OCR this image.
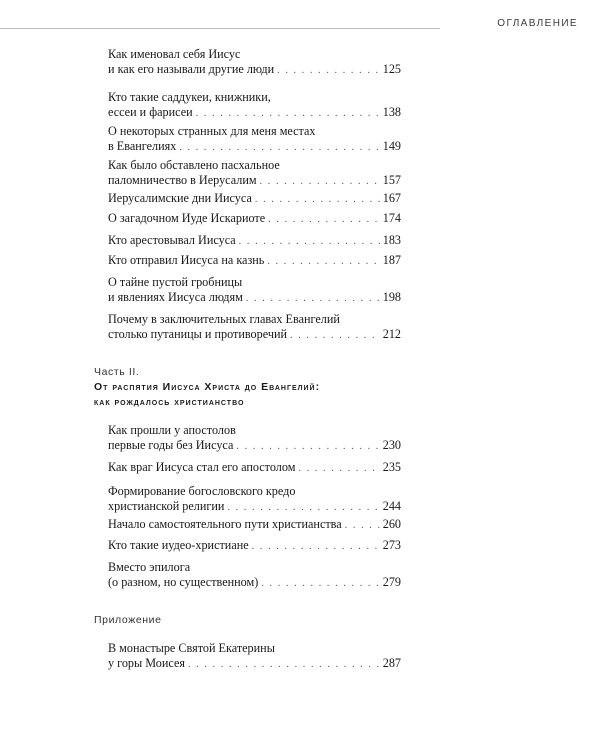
ОГЛАВЛЕНИЕ
Как именовал себя Иисус
и как его называли другие люди . . .	125
Кто такие саддукеи, книжники,
ессеи и фарисеи . . .	138
О некоторых странных для меня местах
в Евангелиях . . .	149
Как было обставлено пасхальное
паломничество в Иерусалим . . .	157
Иерусалимские дни Иисуса . . .	167
О загадочном Иуде Искариоте . . .	174
Кто арестовывал Иисуса . . .	183
Кто отправил Иисуса на казнь . . .	187
О тайне пустой гробницы
и явлениях Иисуса людям . . .	198
Почему в заключительных главах Евангелий
столько путаницы и противоречий . . .	212
Часть II.
От распятия Иисуса Христа до Евангелий:
как рождалось христианство
Как прошли у апостолов
первые годы без Иисуса . . .	230
Как враг Иисуса стал его апостолом . . .	235
Формирование богословского кредо
христианской религии . . .	244
Начало самостоятельного пути христианства . . .	260
Кто такие иудео-христиане . . .	273
Вместо эпилога
(о разном, но существенном) . . .	279
Приложение
В монастыре Святой Екатерины
у горы Моисея . . .	287
